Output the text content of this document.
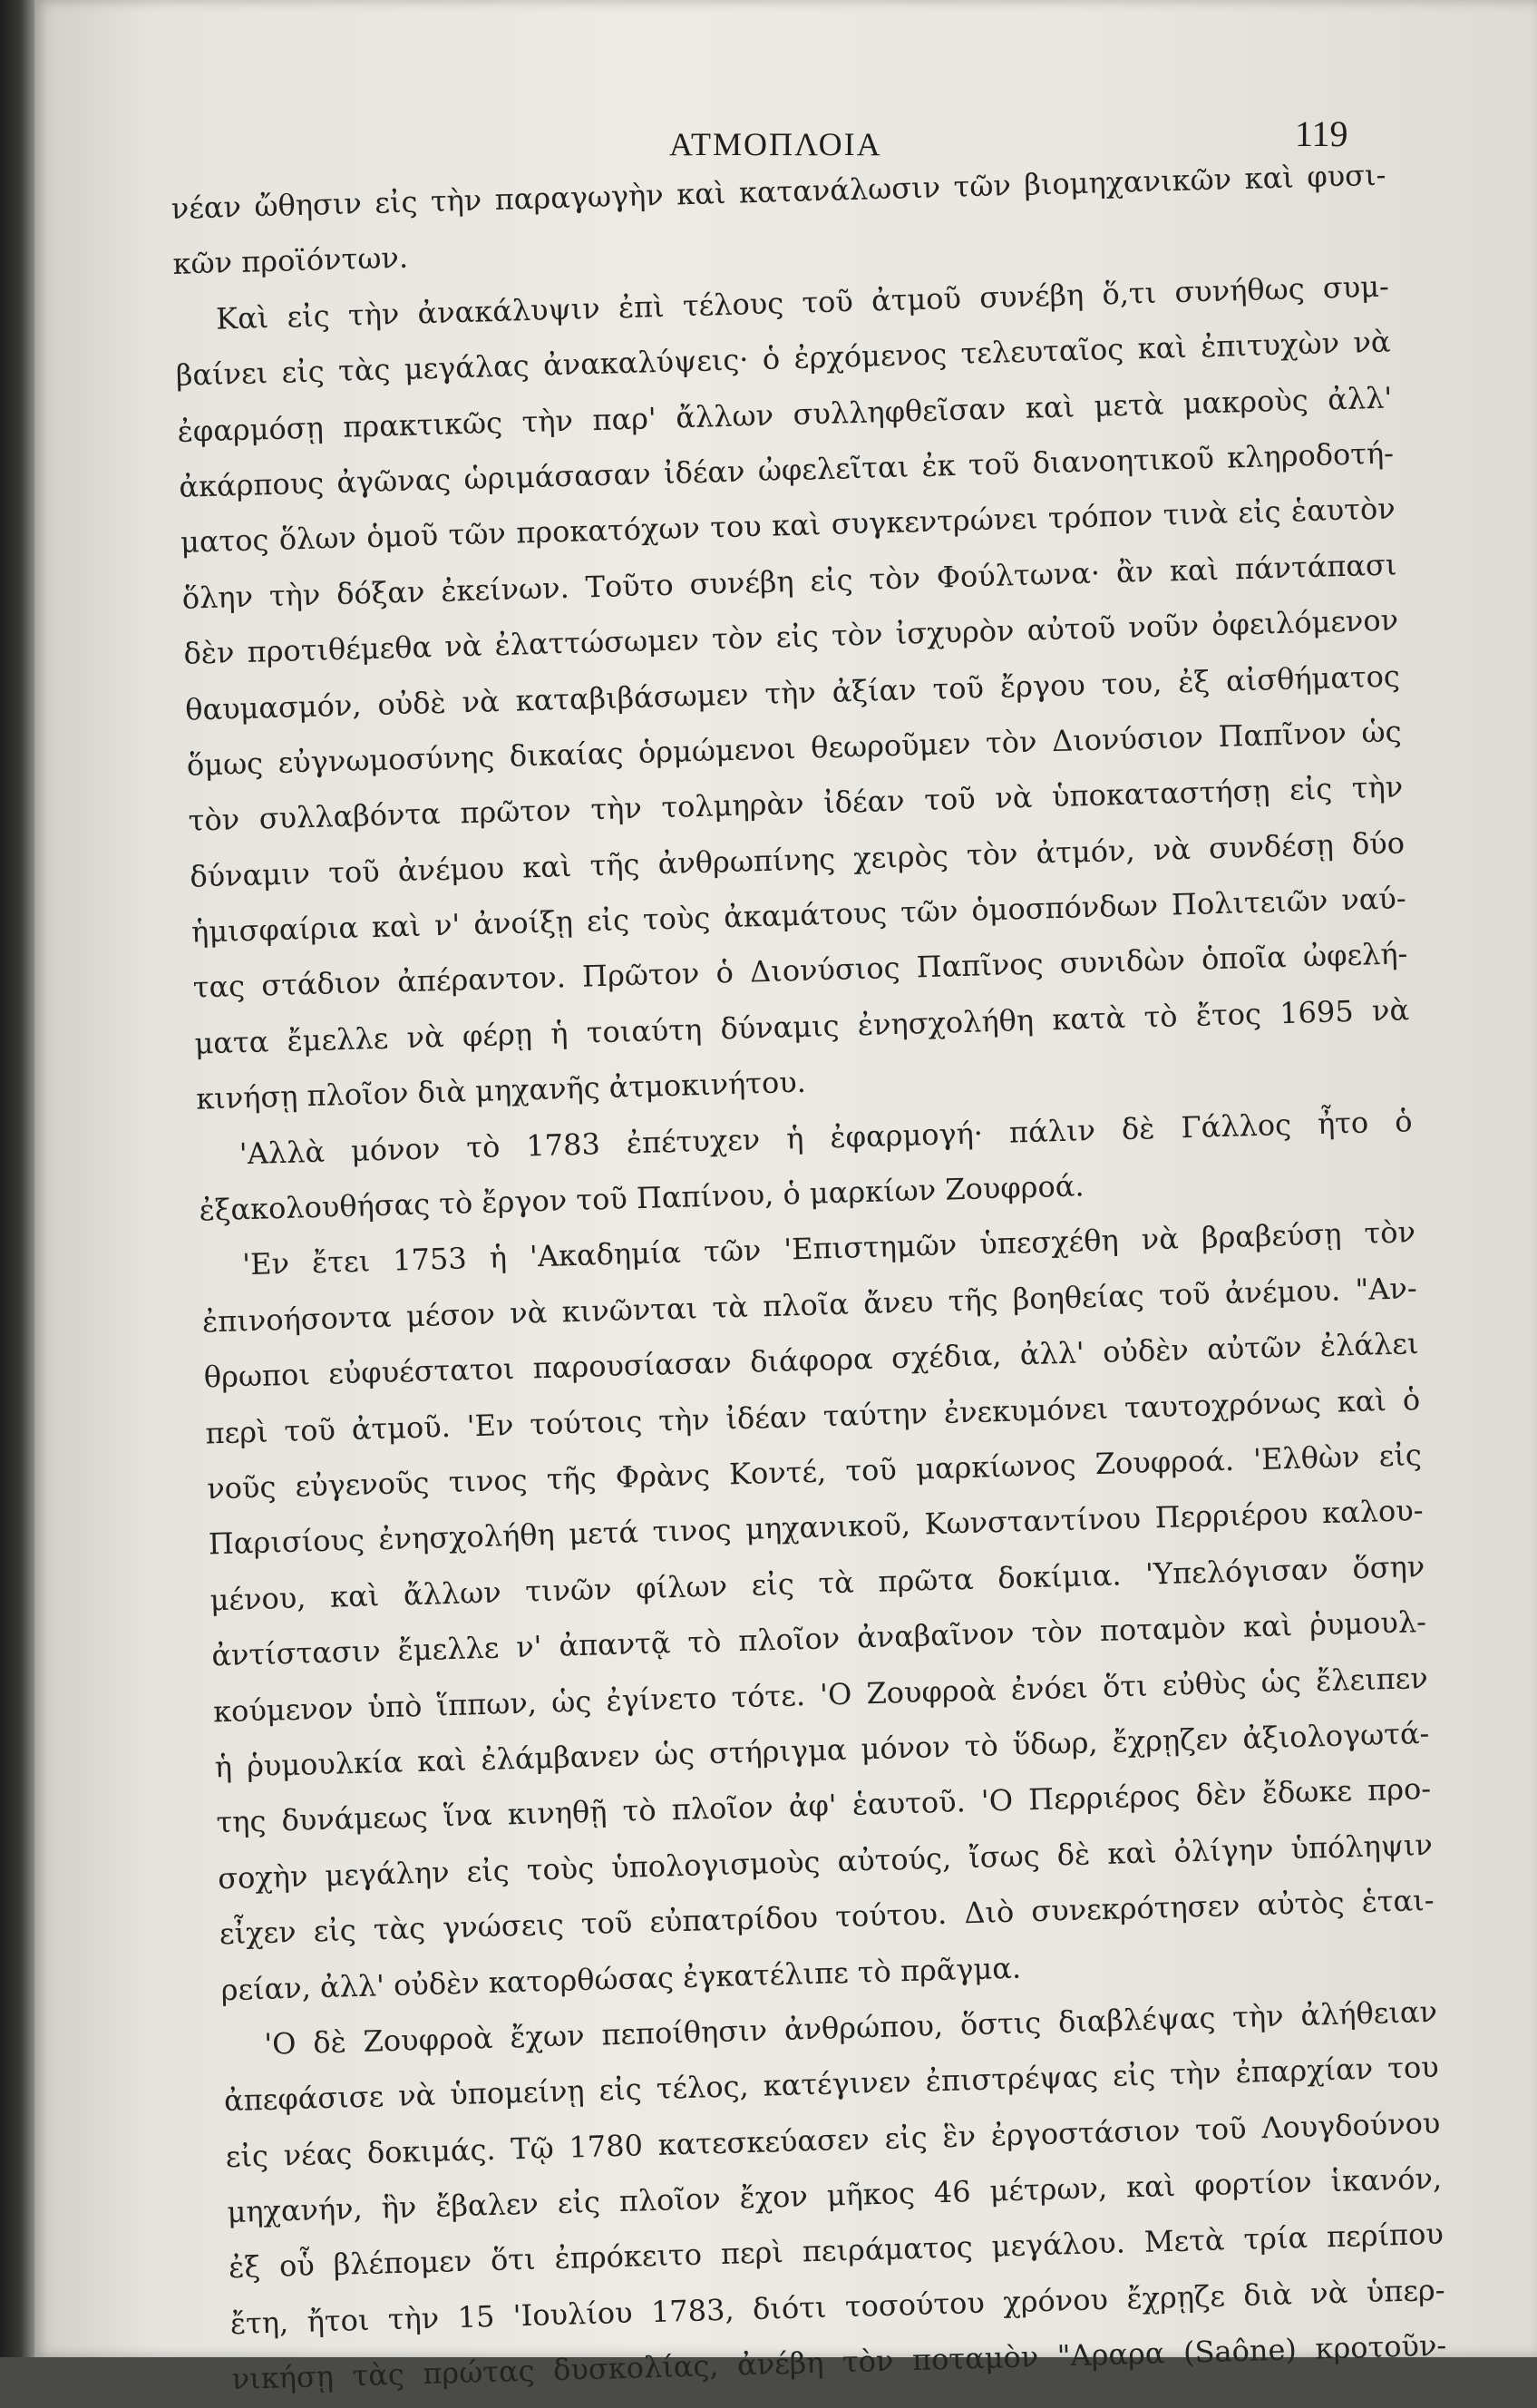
ΑΤΜΟΠΛΟΙΑ	119
νέαν ὤθησιν εἰς τὴν παραγωγὴν καὶ κατανάλωσιν τῶν βιομηχανικῶν καὶ φυσι-
κῶν προϊόντων.
Καὶ εἰς τὴν ἀνακάλυψιν ἐπὶ τέλους τοῦ ἀτμοῦ συνέβη ὅ,τι συνήθως συμ-
βαίνει εἰς τὰς μεγάλας ἀνακαλύψεις· ὁ ἐρχόμενος τελευταῖος καὶ ἐπιτυχὼν νὰ
ἐφαρμόσῃ πρακτικῶς τὴν παρ' ἄλλων συλληφθεῖσαν καὶ μετὰ μακροὺς ἀλλ'
ἀκάρπους ἀγῶνας ὡριμάσασαν ἰδέαν ὠφελεῖται ἐκ τοῦ διανοητικοῦ κληροδοτή-
ματος ὅλων ὁμοῦ τῶν προκατόχων του καὶ συγκεντρώνει τρόπον τινὰ εἰς ἑαυτὸν
ὅλην τὴν δόξαν ἐκείνων. Τοῦτο συνέβη εἰς τὸν Φούλτωνα· ἂν καὶ πάντάπασι
δὲν προτιθέμεθα νὰ ἐλαττώσωμεν τὸν εἰς τὸν ἰσχυρὸν αὐτοῦ νοῦν ὀφειλόμενον
θαυμασμόν, οὐδὲ νὰ καταβιβάσωμεν τὴν ἀξίαν τοῦ ἔργου του, ἐξ αἰσθήματος
ὅμως εὐγνωμοσύνης δικαίας ὁρμώμενοι θεωροῦμεν τὸν Διονύσιον Παπῖνον ὡς
τὸν συλλαβόντα πρῶτον τὴν τολμηρὰν ἰδέαν τοῦ νὰ ὑποκαταστήσῃ εἰς τὴν
δύναμιν τοῦ ἀνέμου καὶ τῆς ἀνθρωπίνης χειρὸς τὸν ἀτμόν, νὰ συνδέσῃ δύο
ἡμισφαίρια καὶ ν' ἀνοίξῃ εἰς τοὺς ἀκαμάτους τῶν ὁμοσπόνδων Πολιτειῶν ναύ-
τας στάδιον ἀπέραντον. Πρῶτον ὁ Διονύσιος Παπῖνος συνιδὼν ὁποῖα ὠφελή-
ματα ἔμελλε νὰ φέρῃ ἡ τοιαύτη δύναμις ἐνησχολήθη κατὰ τὸ ἔτος 1695 νὰ
κινήσῃ πλοῖον διὰ μηχανῆς ἀτμοκινήτου.
'Αλλὰ μόνον τὸ 1783 ἐπέτυχεν ἡ ἐφαρμογή· πάλιν δὲ Γάλλος ἦτο ὁ
ἐξακολουθήσας τὸ ἔργον τοῦ Παπίνου, ὁ μαρκίων Ζουφροά.
'Εν ἔτει 1753 ἡ 'Ακαδημία τῶν 'Επιστημῶν ὑπεσχέθη νὰ βραβεύσῃ τὸν
ἐπινοήσοντα μέσον νὰ κινῶνται τὰ πλοῖα ἄνευ τῆς βοηθείας τοῦ ἀνέμου. "Αν-
θρωποι εὐφυέστατοι παρουσίασαν διάφορα σχέδια, ἀλλ' οὐδὲν αὐτῶν ἐλάλει
περὶ τοῦ ἀτμοῦ. 'Εν τούτοις τὴν ἰδέαν ταύτην ἐνεκυμόνει ταυτοχρόνως καὶ ὁ
νοῦς εὐγενοῦς τινος τῆς Φρὰνς Κοντέ, τοῦ μαρκίωνος Ζουφροά. 'Ελθὼν εἰς
Παρισίους ἐνησχολήθη μετά τινος μηχανικοῦ, Κωνσταντίνου Περριέρου καλου-
μένου, καὶ ἄλλων τινῶν φίλων εἰς τὰ πρῶτα δοκίμια. 'Υπελόγισαν ὅσην
ἀντίστασιν ἔμελλε ν' ἀπαντᾷ τὸ πλοῖον ἀναβαῖνον τὸν ποταμὸν καὶ ῥυμουλ-
κούμενον ὑπὸ ἵππων, ὡς ἐγίνετο τότε. 'Ο Ζουφροὰ ἐνόει ὅτι εὐθὺς ὡς ἔλειπεν
ἡ ῥυμουλκία καὶ ἐλάμβανεν ὡς στήριγμα μόνον τὸ ὕδωρ, ἔχρῃζεν ἀξιολογωτά-
της δυνάμεως ἵνα κινηθῇ τὸ πλοῖον ἀφ' ἑαυτοῦ. 'Ο Περριέρος δὲν ἔδωκε προ-
σοχὴν μεγάλην εἰς τοὺς ὑπολογισμοὺς αὐτούς, ἴσως δὲ καὶ ὀλίγην ὑπόληψιν
εἶχεν εἰς τὰς γνώσεις τοῦ εὐπατρίδου τούτου. Διὸ συνεκρότησεν αὐτὸς ἑται-
ρείαν, ἀλλ' οὐδὲν κατορθώσας ἐγκατέλιπε τὸ πρᾶγμα.
'Ο δὲ Ζουφροὰ ἔχων πεποίθησιν ἀνθρώπου, ὅστις διαβλέψας τὴν ἀλήθειαν
ἀπεφάσισε νὰ ὑπομείνῃ εἰς τέλος, κατέγινεν ἐπιστρέψας εἰς τὴν ἐπαρχίαν του
εἰς νέας δοκιμάς. Τῷ 1780 κατεσκεύασεν εἰς ἓν ἐργοστάσιον τοῦ Λουγδούνου
μηχανήν, ἣν ἔβαλεν εἰς πλοῖον ἔχον μῆκος 46 μέτρων, καὶ φορτίον ἱκανόν,
ἐξ οὗ βλέπομεν ὅτι ἐπρόκειτο περὶ πειράματος μεγάλου. Μετὰ τρία περίπου
ἔτη, ἤτοι τὴν 15 'Ιουλίου 1783, διότι τοσούτου χρόνου ἔχρῃζε διὰ νὰ ὑπερ-
νικήσῃ τὰς πρώτας δυσκολίας, ἀνέβη τὸν ποταμὸν "Αραρα (Saône) κροτοῦν-
